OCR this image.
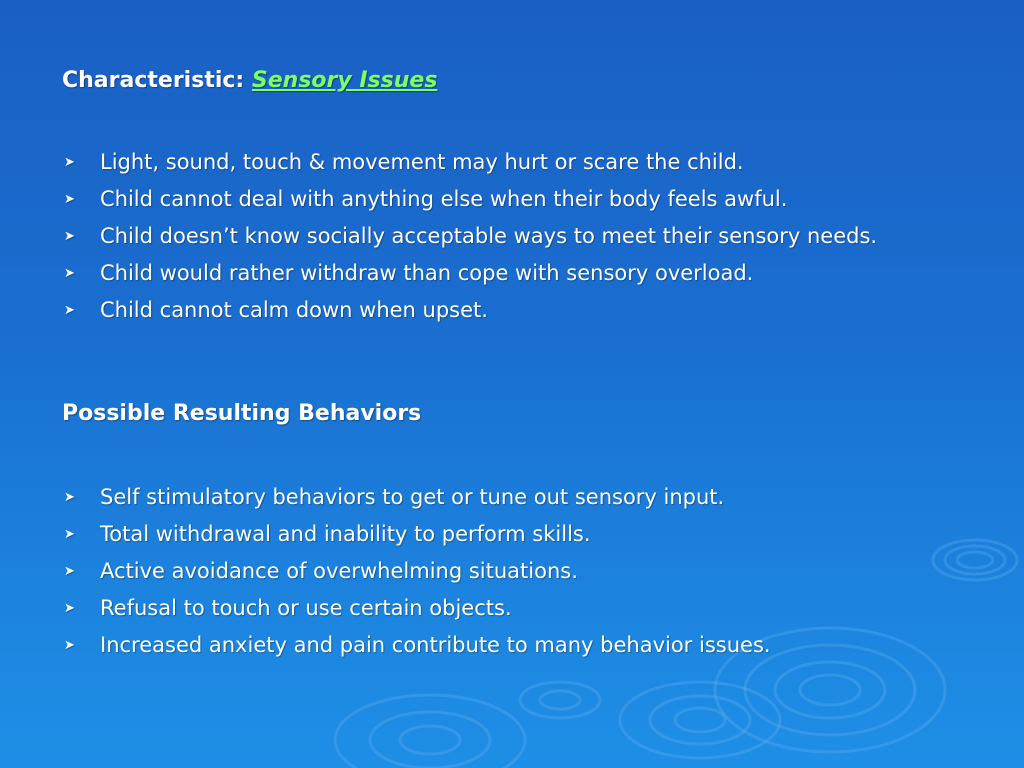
Characteristic: Sensory Issues
➤ Light, sound, touch & movement may hurt or scare the child.
➤ Child cannot deal with anything else when their body feels awful.
➤ Child doesn’t know socially acceptable ways to meet their sensory needs.
➤ Child would rather withdraw than cope with sensory overload.
➤ Child cannot calm down when upset.
Possible Resulting Behaviors
➤ Self stimulatory behaviors to get or tune out sensory input.
➤ Total withdrawal and inability to perform skills.
➤ Active avoidance of overwhelming situations.
➤ Refusal to touch or use certain objects.
➤ Increased anxiety and pain contribute to many behavior issues.
